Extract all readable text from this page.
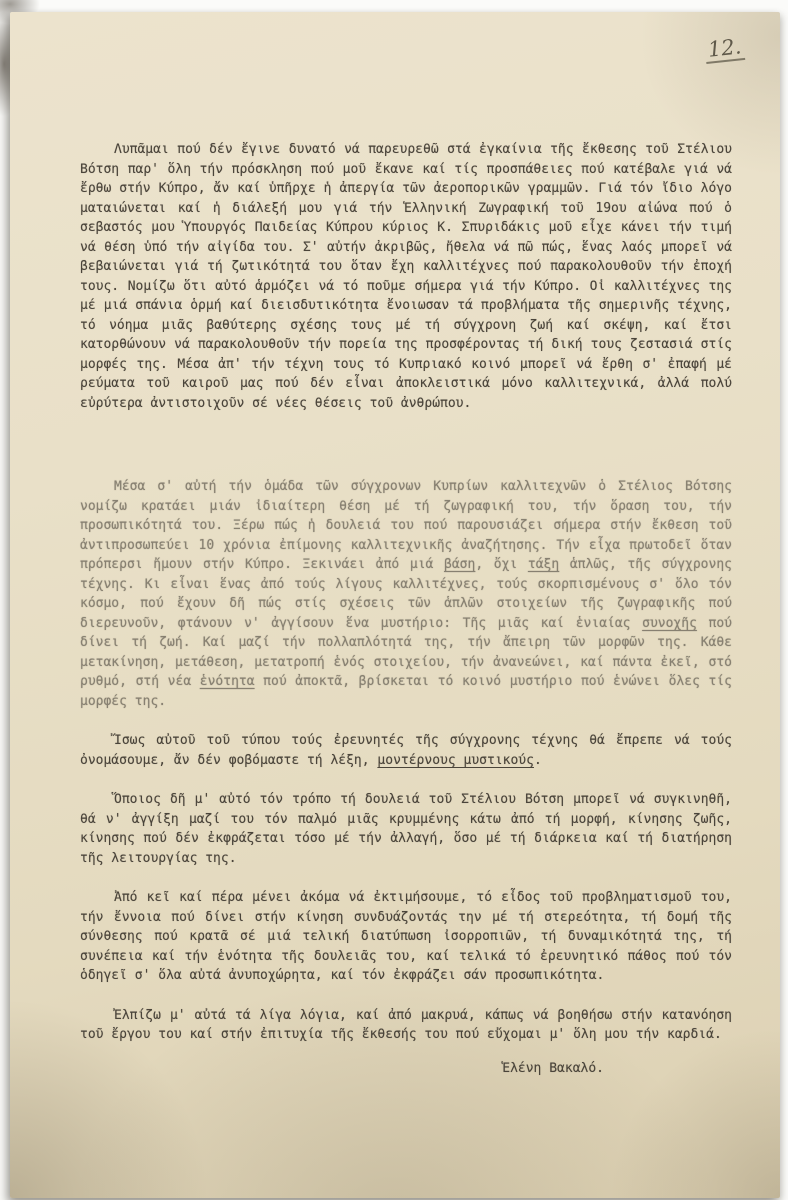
12.
Λυπᾶμαι πού δέν ἔγινε δυνατό νά παρευρεθῶ στά ἐγκαίνια τῆς ἔκθεσης τοῦ Στέλιου Βότση παρ' ὅλη τήν πρόσκληση πού μοῦ ἔκανε καί τίς προσπάθειες πού κατέβαλε γιά νά ἔρθω στήν Κύπρο, ἄν καί ὑπῆρχε ἡ ἀπεργία τῶν ἀεροπορικῶν γραμμῶν. Γιά τόν ἴδιο λόγο ματαιώνεται καί ἡ διάλεξή μου γιά τήν Ἑλληνική Ζωγραφική τοῦ 19ου αἰώνα πού ὁ σεβαστός μου Ὑπουργός Παιδείας Κύπρου κύριος Κ. Σπυριδάκις μοῦ εἶχε κάνει τήν τιμή νά θέση ὑπό τήν αἰγίδα του. Σ' αὐτήν ἀκριβῶς, ἤθελα νά πῶ πώς, ἕνας λαός μπορεῖ νά βεβαιώνεται γιά τή ζωτικότητά του ὅταν ἔχη καλλιτέχνες πού παρακολουθοῦν τήν ἐποχή τους. Νομίζω ὅτι αὐτό ἁρμόζει νά τό ποῦμε σήμερα γιά τήν Κύπρο. Οἱ καλλιτέχνες της μέ μιά σπάνια ὁρμή καί διεισδυτικότητα ἔνοιωσαν τά προβλήματα τῆς σημερινῆς τέχνης, τό νόημα μιᾶς βαθύτερης σχέσης τους μέ τή σύγχρονη ζωή καί σκέψη, καί ἔτσι κατορθώνουν νά παρακολουθοῦν τήν πορεία της προσφέροντας τή δική τους ζεστασιά στίς μορφές της. Μέσα ἀπ' τήν τέχνη τους τό Κυπριακό κοινό μπορεῖ νά ἔρθη σ' ἐπαφή μέ ρεύματα τοῦ καιροῦ μας πού δέν εἶναι ἀποκλειστικά μόνο καλλιτεχνικά, ἀλλά πολύ εὐρύτερα ἀντιστοιχοῦν σέ νέες θέσεις τοῦ ἀνθρώπου.
Μέσα σ' αὐτή τήν ὁμάδα τῶν σύγχρονων Κυπρίων καλλιτεχνῶν ὁ Στέλιος Βότσης νομίζω κρατάει μιάν ἰδιαίτερη θέση μέ τή ζωγραφική του, τήν ὅραση του, τήν προσωπικότητά του. Ξέρω πώς ἡ δουλειά του πού παρουσιάζει σήμερα στήν ἔκθεση τοῦ ἀντιπροσωπεύει 10 χρόνια ἐπίμονης καλλιτεχνικῆς ἀναζήτησης. Τήν εἶχα πρωτοδεῖ ὅταν πρόπερσι ἤμουν στήν Κύπρο. Ξεκινάει ἀπό μιά βάση, ὄχι τάξη ἁπλῶς, τῆς σύγχρονης τέχνης. Κι εἶναι ἕνας ἀπό τούς λίγους καλλιτέχνες, τούς σκορπισμένους σ' ὅλο τόν κόσμο, πού ἔχουν δῆ πώς στίς σχέσεις τῶν ἁπλῶν στοιχείων τῆς ζωγραφικῆς πού διερευνοῦν, φτάνουν ν' ἀγγίσουν ἕνα μυστήριο: Τῆς μιᾶς καί ἑνιαίας συνοχῆς πού δίνει τή ζωή. Καί μαζί τήν πολλαπλότητά της, τήν ἄπειρη τῶν μορφῶν της. Κάθε μετακίνηση, μετάθεση, μετατροπή ἑνός στοιχείου, τήν ἀνανεώνει, καί πάντα ἐκεῖ, στό ρυθμό, στή νέα ἑνότητα πού ἀποκτᾶ, βρίσκεται τό κοινό μυστήριο πού ἑνώνει ὅλες τίς μορφές της.
Ἴσως αὐτοῦ τοῦ τύπου τούς ἐρευνητές τῆς σύγχρονης τέχνης θά ἔπρεπε νά τούς ὀνομάσουμε, ἄν δέν φοβόμαστε τή λέξη, μοντέρνους μυστικούς.
Ὅποιος δῆ μ' αὐτό τόν τρόπο τή δουλειά τοῦ Στέλιου Βότση μπορεῖ νά συγκινηθῆ, θά ν' ἀγγίξη μαζί του τόν παλμό μιᾶς κρυμμένης κάτω ἀπό τή μορφή, κίνησης ζωῆς, κίνησης πού δέν ἐκφράζεται τόσο μέ τήν ἀλλαγή, ὅσο μέ τή διάρκεια καί τή διατήρηση τῆς λειτουργίας της.
Ἀπό κεῖ καί πέρα μένει ἀκόμα νά ἐκτιμήσουμε, τό εἶδος τοῦ προβληματισμοῦ του, τήν ἔννοια πού δίνει στήν κίνηση συνδυάζοντάς την μέ τή στερεότητα, τή δομή τῆς σύνθεσης πού κρατᾶ σέ μιά τελική διατύπωση ἰσορροπιῶν, τή δυναμικότητά της, τή συνέπεια καί τήν ἑνότητα τῆς δουλειᾶς του, καί τελικά τό ἐρευνητικό πάθος πού τόν ὁδηγεῖ σ' ὅλα αὐτά ἀνυποχώρητα, καί τόν ἐκφράζει σάν προσωπικότητα.
Ἐλπίζω μ' αὐτά τά λίγα λόγια, καί ἀπό μακρυά, κάπως νά βοηθήσω στήν κατανόηση τοῦ ἔργου του καί στήν ἐπιτυχία τῆς ἔκθεσής του πού εὔχομαι μ' ὅλη μου τήν καρδιά.
Ἑλένη Βακαλό.
